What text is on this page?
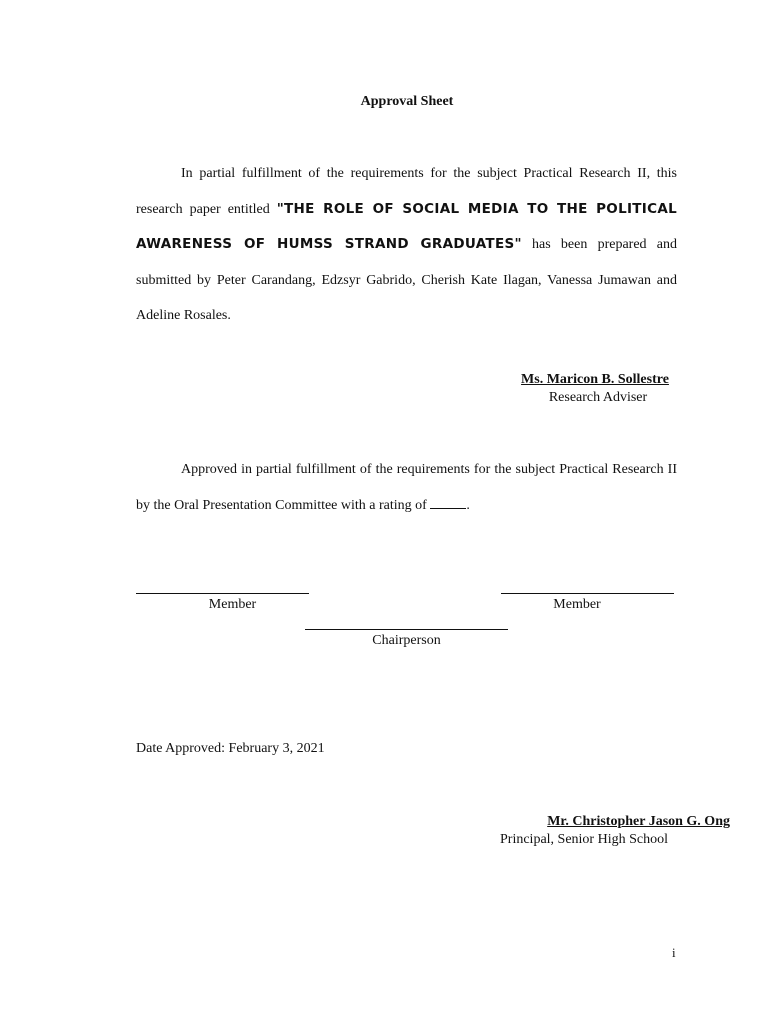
Approval Sheet
In partial fulfillment of the requirements for the subject Practical Research II, this research paper entitled "THE ROLE OF SOCIAL MEDIA TO THE POLITICAL AWARENESS OF HUMSS STRAND GRADUATES" has been prepared and submitted by Peter Carandang, Edzsyr Gabrido, Cherish Kate Ilagan, Vanessa Jumawan and Adeline Rosales.
Ms. Maricon B. Sollestre
Research Adviser
Approved in partial fulfillment of the requirements for the subject Practical Research II by the Oral Presentation Committee with a rating of	.
Member	Member
Chairperson
Date Approved: February 3, 2021
Mr. Christopher Jason G. Ong
Principal, Senior High School
i
